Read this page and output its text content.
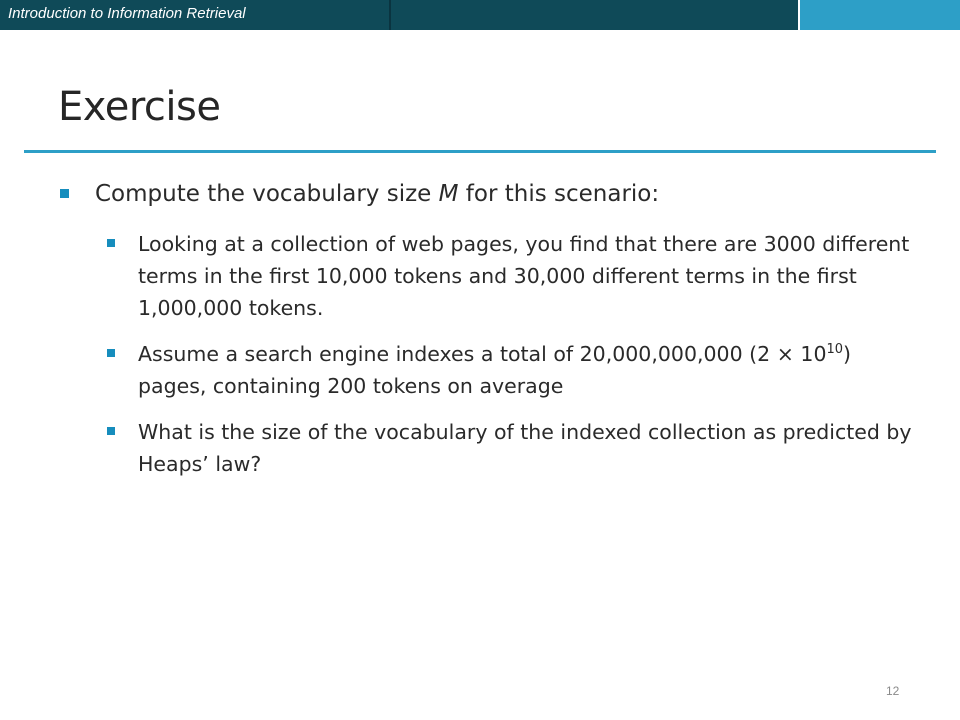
Introduction to Information Retrieval
Exercise
Compute the vocabulary size M for this scenario:
Looking at a collection of web pages, you find that there are 3000 different terms in the first 10,000 tokens and 30,000 different terms in the first 1,000,000 tokens.
Assume a search engine indexes a total of 20,000,000,000 $(2 \times 10^{10})$ pages, containing 200 tokens on average
What is the size of the vocabulary of the indexed collection as predicted by Heaps’ law?
12
